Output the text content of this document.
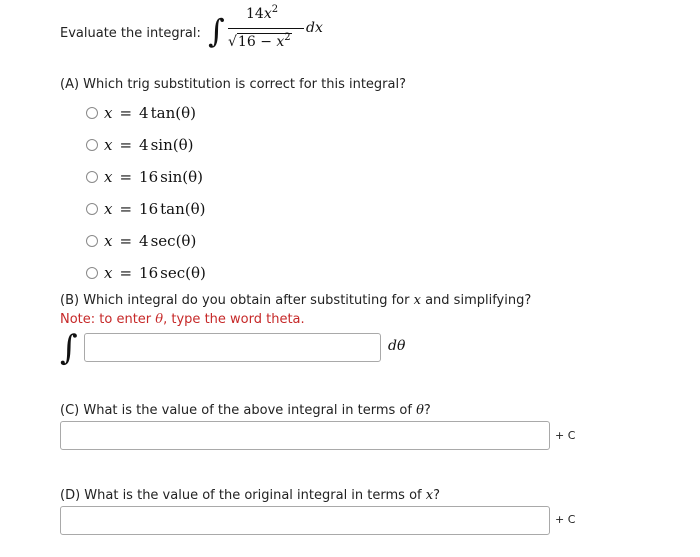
Evaluate the integral: ∫ $14x^2$
$√16 - x^2$
dx
(A) Which trig substitution is correct for this integral?
x = 4 tan(θ)
x = 4 sin(θ)
x = 16 sin(θ)
x = 16 tan(θ)
x = 4 sec(θ)
x = 16 sec(θ)
(B) Which integral do you obtain after substituting for x and simplifying?
Note: to enter θ, type the word theta.
∫	dθ
(C) What is the value of the above integral in terms of θ?
+ C
(D) What is the value of the original integral in terms of x?
+ C
